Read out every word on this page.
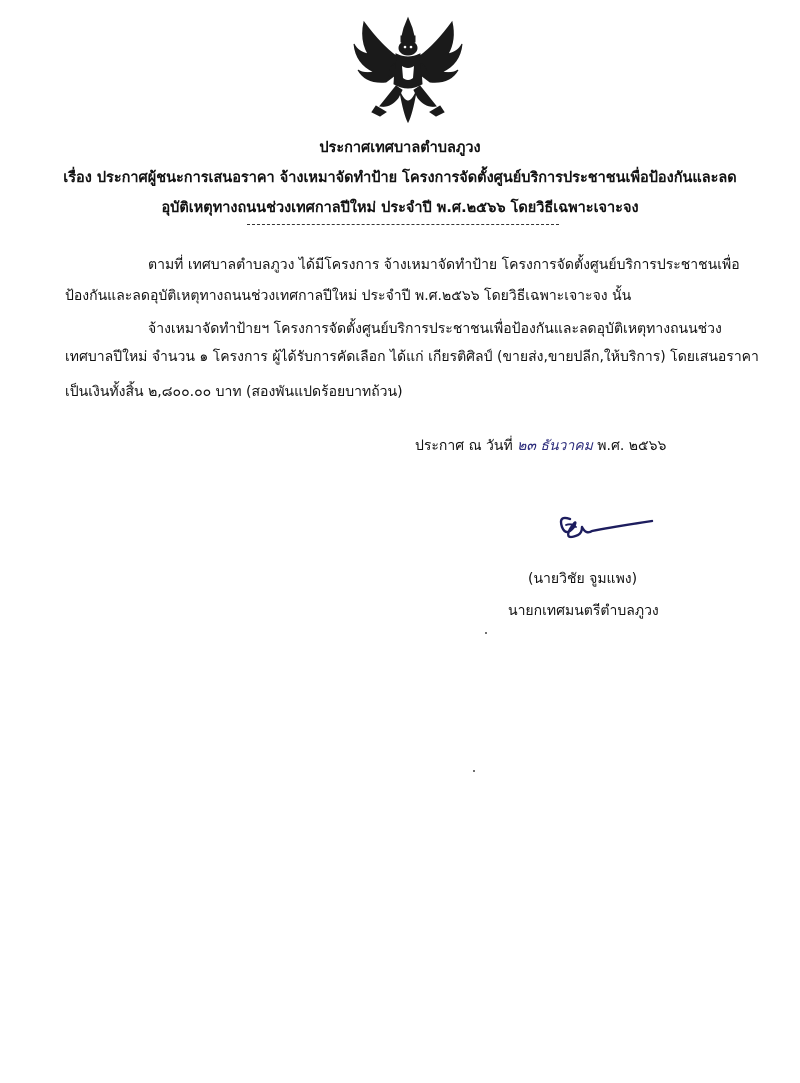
ประกาศเทศบาลตำบลภูวง
เรื่อง ประกาศผู้ชนะการเสนอราคา จ้างเหมาจัดทำป้าย โครงการจัดตั้งศูนย์บริการประชาชนเพื่อป้องกันและลด
อุบัติเหตุทางถนนช่วงเทศกาลปีใหม่ ประจำปี พ.ศ.๒๕๖๖ โดยวิธีเฉพาะเจาะจง
ตามที่ เทศบาลตำบลภูวง ได้มีโครงการ จ้างเหมาจัดทำป้าย โครงการจัดตั้งศูนย์บริการประชาชนเพื่อ
ป้องกันและลดอุบัติเหตุทางถนนช่วงเทศกาลปีใหม่ ประจำปี พ.ศ.๒๕๖๖ โดยวิธีเฉพาะเจาะจง นั้น
จ้างเหมาจัดทำป้ายฯ โครงการจัดตั้งศูนย์บริการประชาชนเพื่อป้องกันและลดอุบัติเหตุทางถนนช่วง
เทศบาลปีใหม่ จำนวน ๑ โครงการ ผู้ได้รับการคัดเลือก ได้แก่ เกียรติศิลป์ (ขายส่ง,ขายปลีก,ให้บริการ) โดยเสนอราคา
เป็นเงินทั้งสิ้น ๒,๘๐๐.๐๐ บาท (สองพันแปดร้อยบาทถ้วน)
ประกาศ ณ วันที่ ๒๓ ธันวาคม พ.ศ. ๒๕๖๖
(นายวิชัย จูมแพง)
นายกเทศมนตรีตำบลภูวง
